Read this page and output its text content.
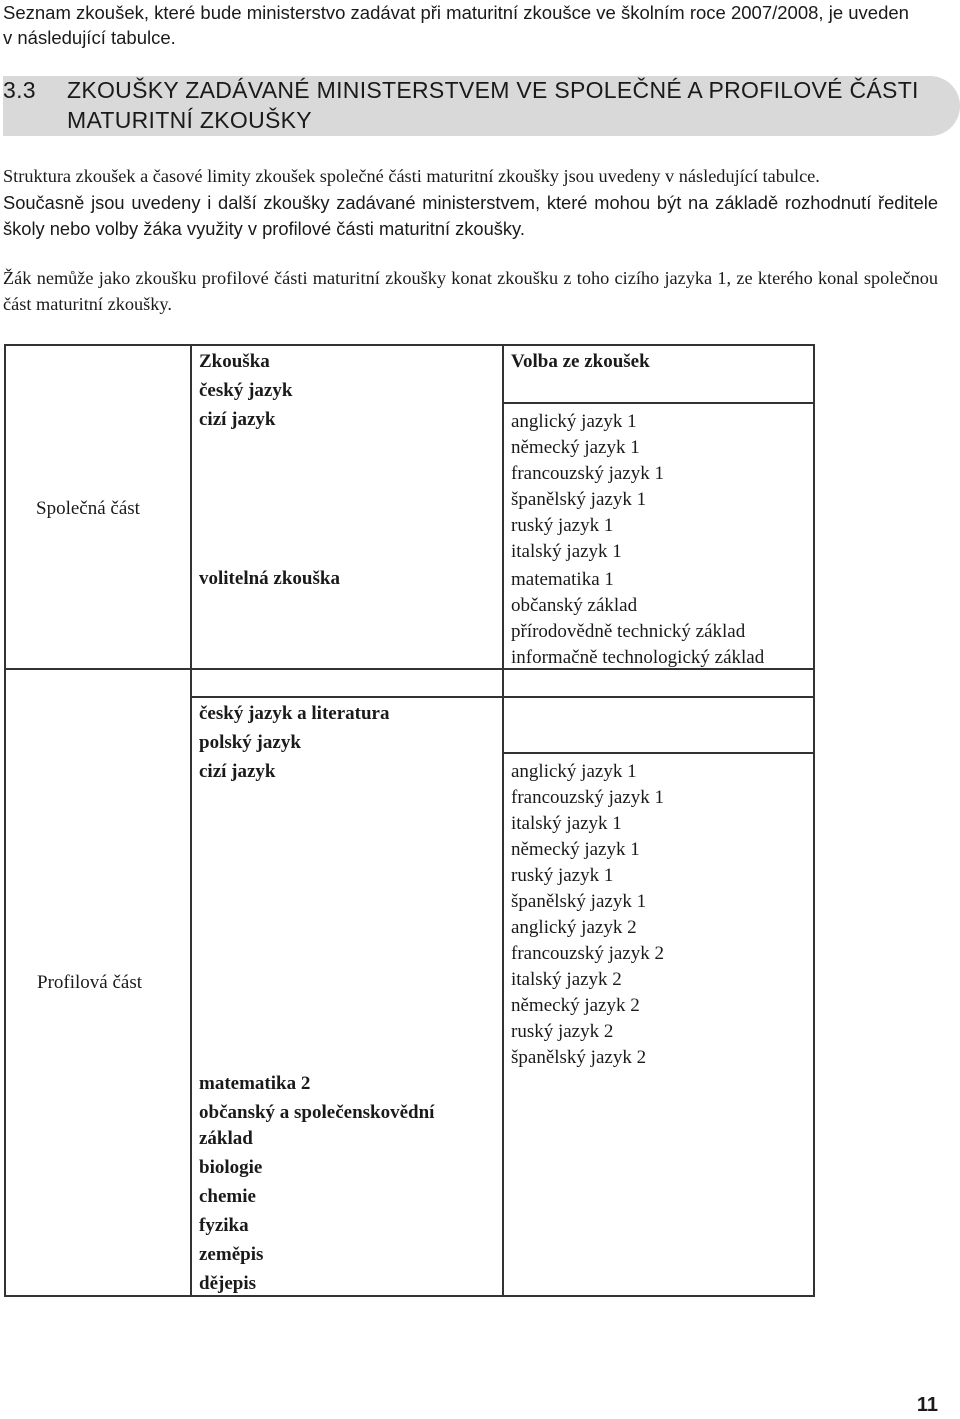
Seznam zkoušek, které bude ministerstvo zadávat při maturitní zkoušce ve školním roce 2007/2008, je uveden
v následující tabulce.
3.3 ZKOUŠKY ZADÁVANÉ MINISTERSTVEM VE SPOLEČNÉ A PROFILOVÉ ČÁSTI
MATURITNÍ ZKOUŠKY

Struktura zkoušek a časové limity zkoušek společné části maturitní zkoušky jsou uvedeny v následující tabulce.

Současně jsou uvedeny i další zkoušky zadávané ministerstvem, které mohou být na základě rozhodnutí ředitele školy nebo volby žáka využity v profilové části maturitní zkoušky.

Žák nemůže jako zkoušku profilové části maturitní zkoušky konat zkoušku z toho cizího jazyka 1, ze kterého konal společnou část maturitní zkoušky.

Společná část
Zkouška
český jazyk
cizí jazyk
volitelná zkouška
Volba ze zkoušek
anglický jazyk 1
německý jazyk 1
francouzský jazyk 1
španělský jazyk 1
ruský jazyk 1
italský jazyk 1
matematika 1
občanský základ
přírodovědně technický základ
informačně technologický základ
Profilová část
český jazyk a literatura
polský jazyk
cizí jazyk
matematika 2
občanský a společenskovědní
základ
biologie
chemie
fyzika
zeměpis
dějepis
anglický jazyk 1
francouzský jazyk 1
italský jazyk 1
německý jazyk 1
ruský jazyk 1
španělský jazyk 1
anglický jazyk 2
francouzský jazyk 2
italský jazyk 2
německý jazyk 2
ruský jazyk 2
španělský jazyk 2
11
